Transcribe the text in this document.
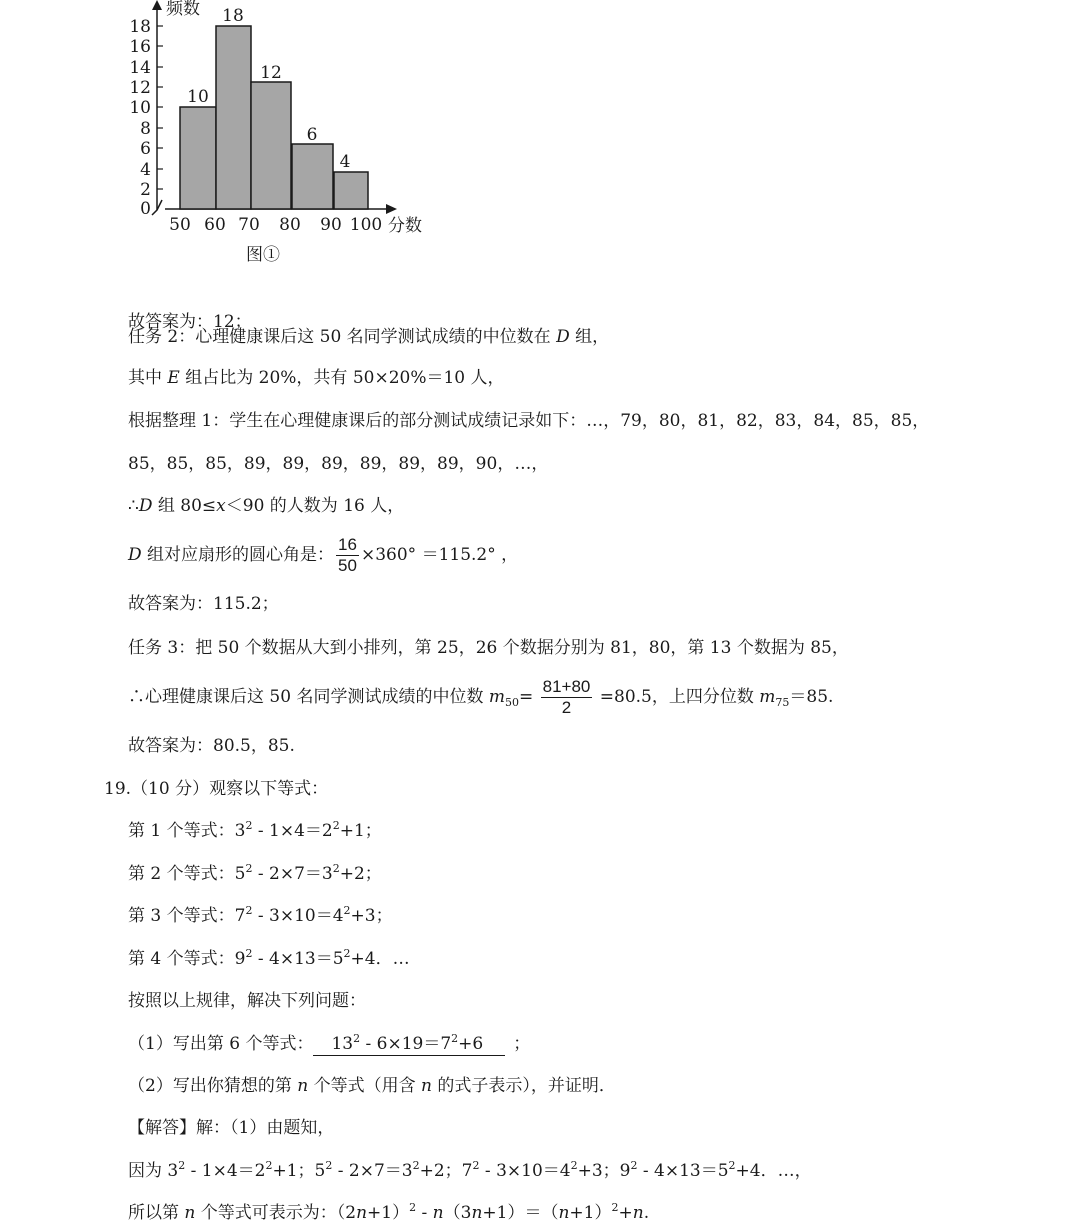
0
2
4
6
8
10
12
14
16
18
频数
10
18
12
6
4
50 60 70 80 90 100 分数
图①
故答案为：12；
任务 2：心理健康课后这 50 名同学测试成绩的中位数在 D 组，
其中 E 组占比为 20%，共有 50×20%＝10 人，
根据整理 1：学生在心理健康课后的部分测试成绩记录如下：…，79，80，81，82，83，84，85，85，
85，85，85，89，89，89，89，89，89，90，…，
∴D 组 80≤x＜90 的人数为 16 人，
D 组对应扇形的圆心角是： $\frac{16}{50} \times 360^\circ =115.2^\circ$ ，
故答案为：115.2；
任务 3：把 50 个数据从大到小排列，第 25，26 个数据分别为 81，80，第 13 个数据为 85，
∴心理健康课后这 50 名同学测试成绩的中位数 $m_{50}= \frac{81+80}{2} =80.5$，上四分位数 $m_{75}=85$.
故答案为：80.5，85.
19.（10 分）观察以下等式：
第 1 个等式：$3^2 - 1\times 4=2^2+1$；
第 2 个等式：$5^2 - 2\times 7=3^2+2$；
第 3 个等式：$7^2 - 3\times 10=4^2+3$；
第 4 个等式：$9^2 - 4\times 13=5^2+4$．…
按照以上规律，解决下列问题：
（1）写出第 6 个等式： $13^2 - 6\times 19=7^2+6$ ；
（2）写出你猜想的第 n 个等式（用含 n 的式子表示），并证明．
【解答】解：（1）由题知，
因为 $3^2 - 1\times 4=2^2+1$；$5^2 - 2\times 7=3^2+2$；$7^2 - 3\times 10=4^2+3$；$9^2 - 4\times 13=5^2+4$．…，
所以第 n 个等式可表示为：$(2n+1)^2 - n(3n+1)=(n+1)^2+n$.
